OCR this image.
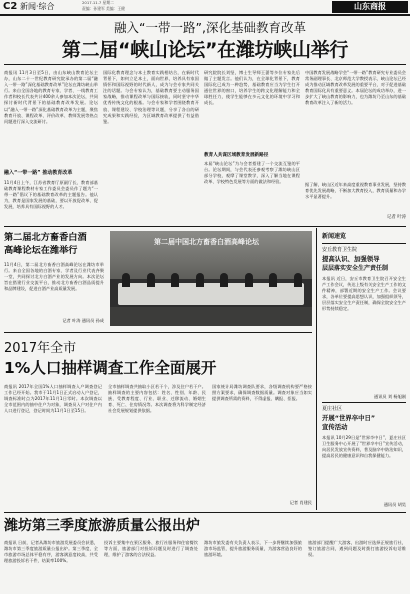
C2 新闻·综合	2017.11.7 星期二
责编：孙建军 美编：王健	山东商报
融入“一带一路”,深化基础教育改革
第二届“峡山论坛”在潍坊峡山举行
商报讯 11月3日至5日，由山东峡山教育论坛主办，山东二十一世纪教育研究院承办的第二届“融入一带一路”深化基础教育改革”论坛在潍坊峡山举行。来自全国各地的教育专家、学者、一线教育工作者和校长代表共计400余人参加本次论坛，共同探讨新时代背景下的基础教育改革发展。论坛以“融入一带一路”深化基础教育改革为主题，聚焦教育开放、课程改革、评价改革、教师发展等热点问题进行深入交流研讨。
融入“一带一路” 推动教育改革
11月4日上午，江苏省教育厅原副厅长、教育部基础教育课程教材专家工作委员会委员作了题为“一带一路”倡议下的基础教育改革的主题报告。他认为，教育是国家发展的基础，要以开放促改革、促发展，培养具有国际视野的人才。
国际化教育理念与本土教育实践相结合，在新时代背景下，如何立足本土，面向世界，培养具有家国情怀和国际视野的时代新人，成为与会专家共同关注的话题。与会专家认为，基础教育要主动服务国家战略，推动课程改革与国际接轨，同时坚守中华优秀传统文化的根基。与会专家和学者围绕教育开放、课程建设、学校治理等议题，分享了各自的研究成果和实践经验，为区域教育改革提供了有益借鉴。
研究院院长刘坚，博士生导师王蔷等多位专家先后做了主题发言。他们认为，在全球化背景下，教育国际化已成为一种趋势，基础教育应当为学生打开通往世界的窗口，培养学生的跨文化理解能力和全球胜任力，使学生能够在多元文化的环境中学习和成长。
教育人共谋区域教育发展新路径
本届“峡山论坛”为与会者搭建了一个交流互鉴的平台。论坛期间，与会代表还参观考察了潍坊峡山区部分学校，观摩了课堂教学，深入了解当地在课程改革、学校特色发展等方面的做法和经验。
中国教育发展战略学会“一带一路”教育研究专业委员会常务副理事长、北京师范大学教授表示，峡山论坛已经成为推动区域教育改革发展的重要平台，对于促进基础教育国际化具有重要意义。本届论坛的成功举办，进一步扩大了峡山教育的影响力，也为潍坊乃至山东的基础教育改革注入了新的活力。
据了解，峡山区近年来高度重视教育事业发展，坚持教育优先发展战略，不断加大教育投入，教育质量和办学水平显著提升。
记者 叶涛
第二届北方畜香白酒
高峰论坛在潍举行
11月4日，第二届北方畜香白酒高峰论坛在潍坊市举行。来自全国各地的白酒专家、学者及行业代表齐聚一堂，共同探讨北方白酒产业的发展方向。本次论坛旨在搭建行业交流平台，推动北方畜香白酒品质提升和品牌建设，促进白酒产业高质量发展。
记者 叶涛 通讯员 孙成
第二届中国北方畜香白酒高峰论坛
2017年全市
1%人口抽样调查工作全面展开
商报讯 2017年全国1%人口抽样调查入户调查登记工作已经开始。我市于11月1日正式启动入户登记，调查标准时点为2017年11月1日零时。本次调查以全市范围内的抽中住户为对象，调查员入户对住户内人口进行登记，登记时间为11月1日至15日。
全市抽样调查共抽取小区若干个，涉及住户若干户。抽样调查的主要内容包括：姓名、性别、年龄、民族、受教育程度、行业、职业、迁移流动、婚姻生育、死亡、住房情况等。本次调查将为科学制定经济社会发展规划提供依据。
国家统计局潍坊调查队要求，各级调查机构要严格按照方案要求，确保调查数据质量。调查对象应当如实提供调查所需的资料，不得虚报、瞒报、拒报。
记者 肖建民
潍坊第三季度旅游质量公报出炉
商报讯 日前，记者从潍坊市旅游发展委员会获悉，潍坊市第三季度旅游质量公报出炉。第三季度，全市旅游市场总体平稳有序，游客满意度较高，共受理旅游投诉若干件，结案率100%。
投诉主要集中在景区服务、旅行社服务和住宿餐饮等方面，旅游部门对投诉问题及时进行了调查处理，维护了游客的合法权益。
潍坊市旅发委有关负责人表示，下一步将继续加强旅游市场监管，提升旅游服务质量，为游客营造良好的旅游环境。
旅游部门提醒广大游客，出游时应选择正规旅行社，签订旅游合同，遇到问题及时拨打旅游投诉电话维权。
新闻速览
安丘教育卫生院
提高认识、加强领导
层层落实安全生产责任制
本报讯 近日，安丘市教育卫生院召开安全生产工作会议，传达上级有关安全生产工作的文件精神，部署近期的安全生产工作。会议要求，各单位要提高思想认识，加强组织领导，层层落实安全生产责任制，确保全院安全生产形势持续稳定。
通讯员 刘 杨旭刚
夏庄社区
开展“世界卒中日”
宣传活动
本报讯 10月29日是“世界卒中日”，夏庄社区卫生服务中心开展了“世界卒中日”宣传活动，向居民发放宣传资料，普及脑卒中防治知识，提高居民的健康意识和自我保健能力。
通讯员 胡昊
